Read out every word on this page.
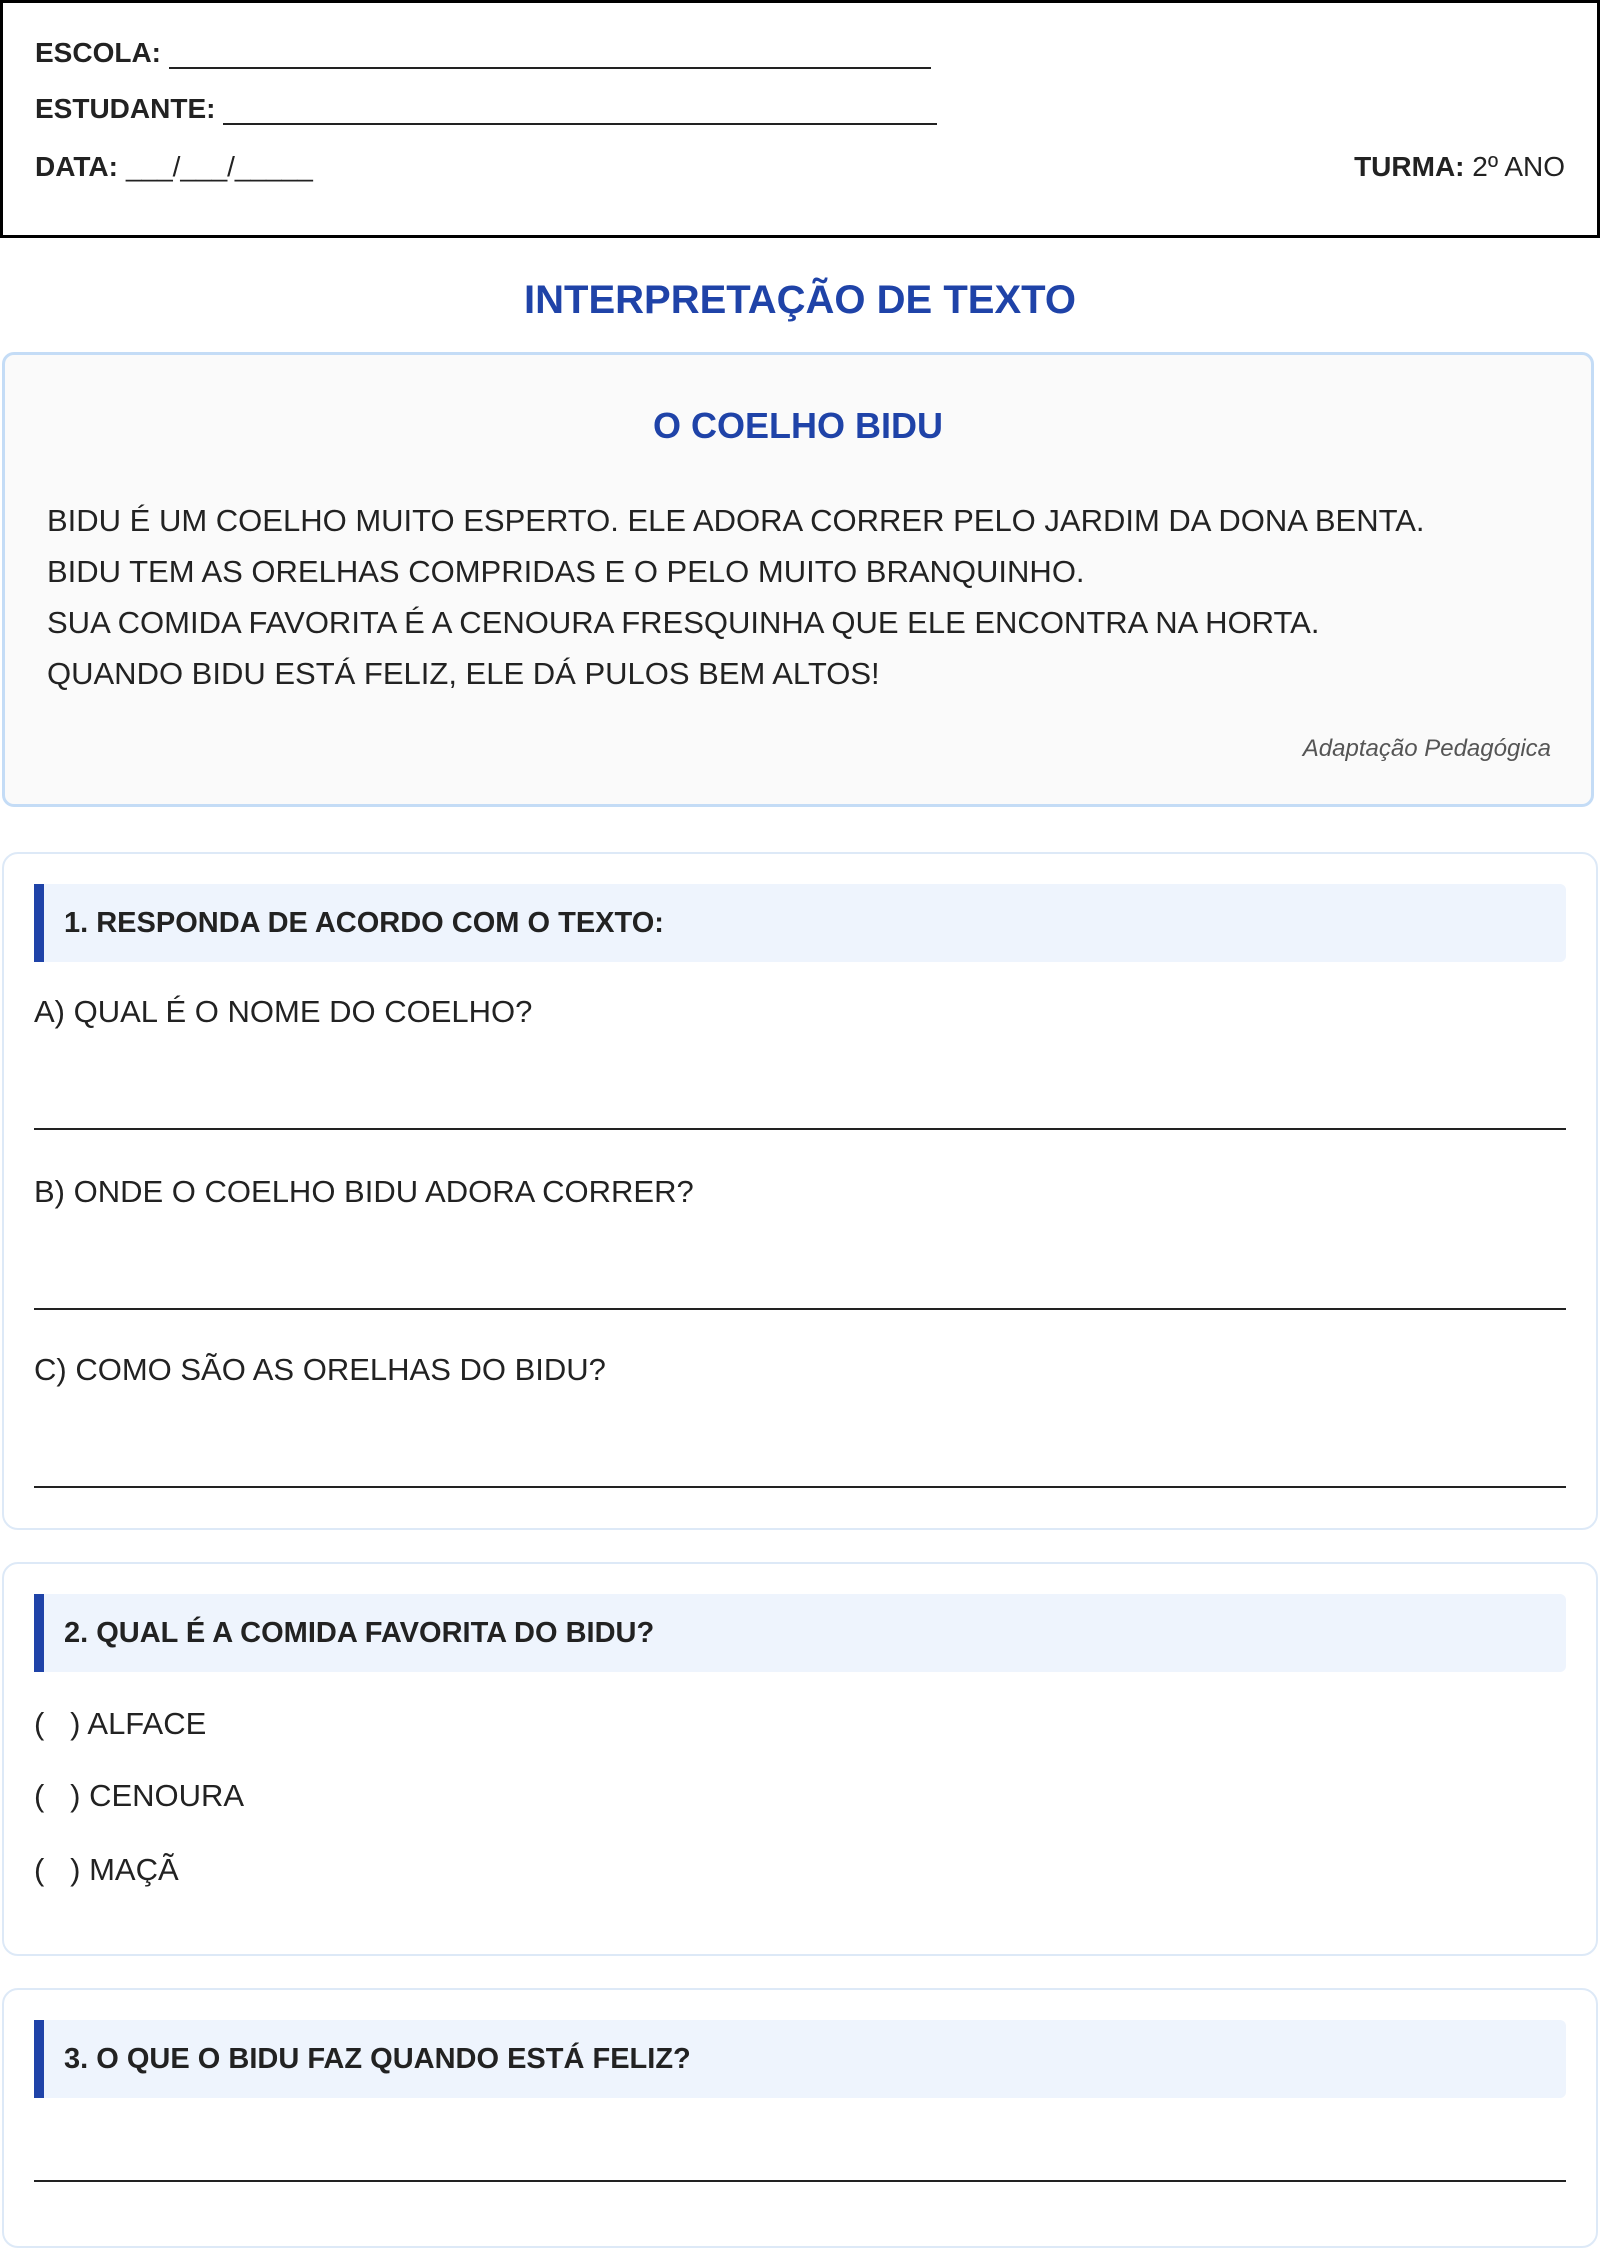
ESCOLA:
ESTUDANTE:
DATA: ___/___/_____	TURMA: 2º ANO
INTERPRETAÇÃO DE TEXTO
O COELHO BIDU
BIDU É UM COELHO MUITO ESPERTO. ELE ADORA CORRER PELO JARDIM DA DONA BENTA.
BIDU TEM AS ORELHAS COMPRIDAS E O PELO MUITO BRANQUINHO.
SUA COMIDA FAVORITA É A CENOURA FRESQUINHA QUE ELE ENCONTRA NA HORTA.
QUANDO BIDU ESTÁ FELIZ, ELE DÁ PULOS BEM ALTOS!
Adaptação Pedagógica
1. RESPONDA DE ACORDO COM O TEXTO:
A) QUAL É O NOME DO COELHO?
B) ONDE O COELHO BIDU ADORA CORRER?
C) COMO SÃO AS ORELHAS DO BIDU?
2. QUAL É A COMIDA FAVORITA DO BIDU?
(   ) ALFACE
(   ) CENOURA
(   ) MAÇÃ
3. O QUE O BIDU FAZ QUANDO ESTÁ FELIZ?
